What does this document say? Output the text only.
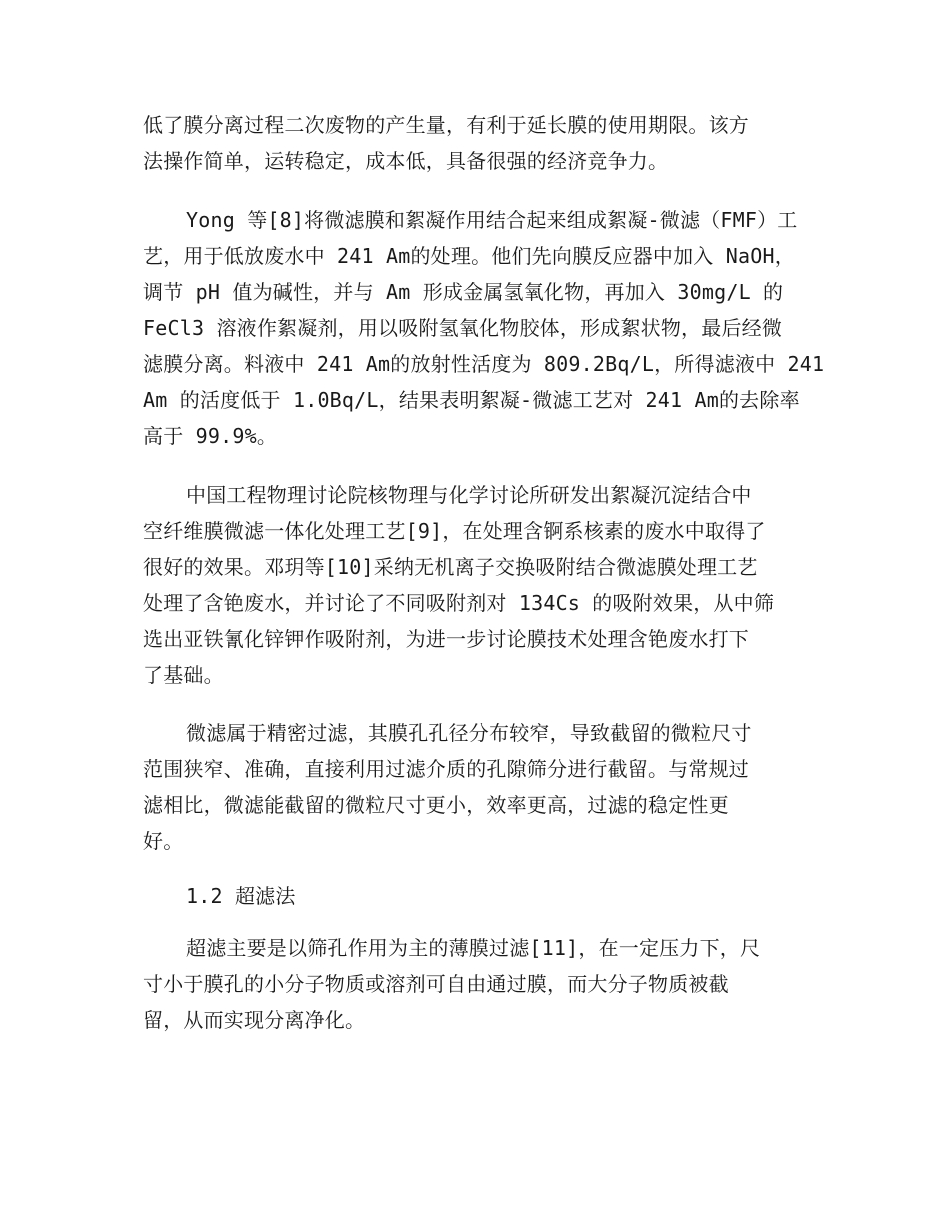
低了膜分离过程二次废物的产生量，有利于延长膜的使用期限。该方
法操作简单，运转稳定，成本低，具备很强的经济竞争力。
Yong 等[8]将微滤膜和絮凝作用结合起来组成絮凝-微滤（FMF）工
艺，用于低放废水中 241 Am的处理。他们先向膜反应器中加入 NaOH，
调节 pH 值为碱性，并与 Am 形成金属氢氧化物，再加入 30mg/L 的
FeCl3 溶液作絮凝剂，用以吸附氢氧化物胶体，形成絮状物，最后经微
滤膜分离。料液中 241 Am的放射性活度为 809.2Bq/L，所得滤液中 241
Am 的活度低于 1.0Bq/L，结果表明絮凝-微滤工艺对 241 Am的去除率
高于 99.9%。
中国工程物理讨论院核物理与化学讨论所研发出絮凝沉淀结合中
空纤维膜微滤一体化处理工艺[9]，在处理含锕系核素的废水中取得了
很好的效果。邓玥等[10]采纳无机离子交换吸附结合微滤膜处理工艺
处理了含铯废水，并讨论了不同吸附剂对 134Cs 的吸附效果，从中筛
选出亚铁氰化锌钾作吸附剂，为进一步讨论膜技术处理含铯废水打下
了基础。
微滤属于精密过滤，其膜孔孔径分布较窄，导致截留的微粒尺寸
范围狭窄、准确，直接利用过滤介质的孔隙筛分进行截留。与常规过
滤相比，微滤能截留的微粒尺寸更小，效率更高，过滤的稳定性更
好。
1.2 超滤法
超滤主要是以筛孔作用为主的薄膜过滤[11]，在一定压力下，尺
寸小于膜孔的小分子物质或溶剂可自由通过膜，而大分子物质被截
留，从而实现分离净化。
